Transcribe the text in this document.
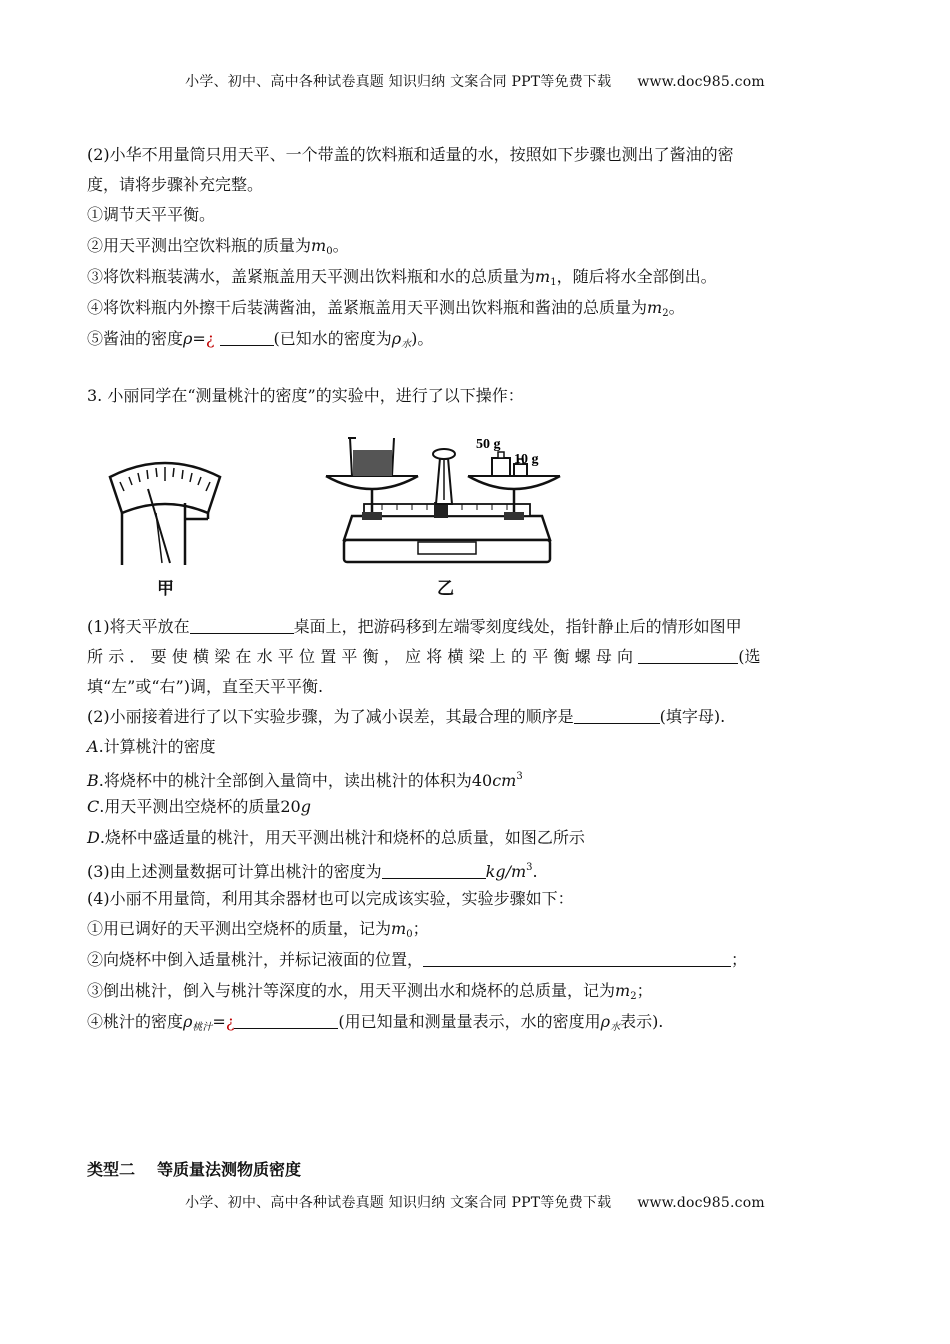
小学、初中、高中各种试卷真题 知识归纳 文案合同 PPT等免费下载 www.doc985.com
小学、初中、高中各种试卷真题 知识归纳 文案合同 PPT等免费下载 www.doc985.com
(2)小华不用量筒只用天平、一个带盖的饮料瓶和适量的水，按照如下步骤也测出了酱油的密
度，请将步骤补充完整。
①调节天平平衡。
②用天平测出空饮料瓶的质量为$m_0$。
③将饮料瓶装满水，盖紧瓶盖用天平测出饮料瓶和水的总质量为$m_1$，随后将水全部倒出。
④将饮料瓶内外擦干后装满酱油，盖紧瓶盖用天平测出饮料瓶和酱油的总质量为$m_2$。
⑤酱油的密度ρ=¿	(已知水的密度为$\rho_水$)。
3. 小丽同学在“测量桃汁的密度”的实验中，进行了以下操作：
甲
50 g
10 g
乙
(1)将天平放在	桌面上，把游码移到左端零刻度线处，指针静止后的情形如图甲
所示．要使横梁在水平位置平衡，应将横梁上的平衡螺母向	(选
填“左”或“右”)调，直至天平平衡.
(2)小丽接着进行了以下实验步骤，为了减小误差，其最合理的顺序是	(填字母).
A.计算桃汁的密度
B.将烧杯中的桃汁全部倒入量筒中，读出桃汁的体积为$40cm^3$
C.用天平测出空烧杯的质量20g
D.烧杯中盛适量的桃汁，用天平测出桃汁和烧杯的总质量，如图乙所示
(3)由上述测量数据可计算出桃汁的密度为	$kg/m^3$.
(4)小丽不用量筒，利用其余器材也可以完成该实验，实验步骤如下：
①用已调好的天平测出空烧杯的质量，记为$m_0$；
②向烧杯中倒入适量桃汁，并标记液面的位置，	；
③倒出桃汁，倒入与桃汁等深度的水，用天平测出水和烧杯的总质量，记为$m_2$；
④桃汁的密度$\rho_{桃汁}=¿$	(用已知量和测量量表示，水的密度用$\rho_水$表示).
类型二 等质量法测物质密度
